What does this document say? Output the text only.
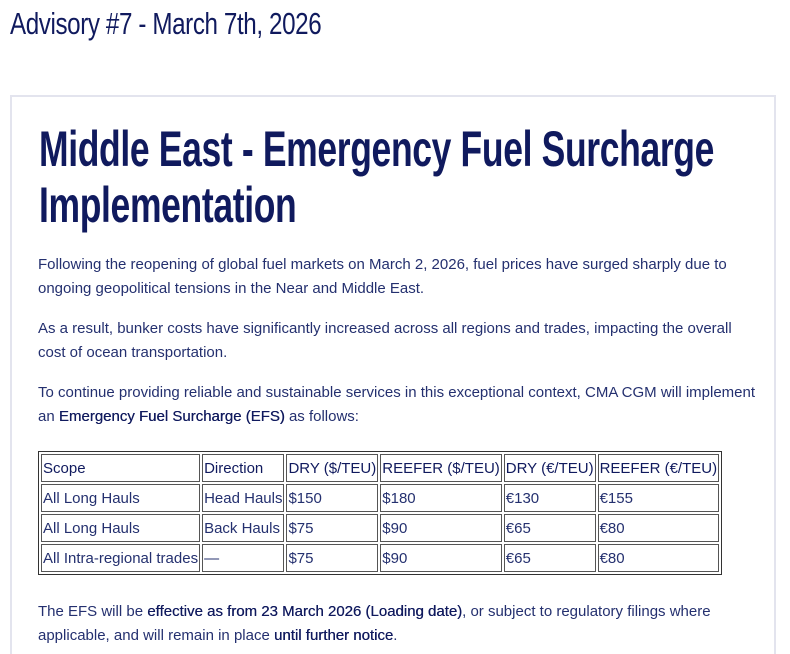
Advisory #7 - March 7th, 2026
Middle East - Emergency Fuel Surcharge Implementation

Following the reopening of global fuel markets on March 2, 2026, fuel prices have surged sharply due to ongoing geopolitical tensions in the Near and Middle East.

As a result, bunker costs have significantly increased across all regions and trades, impacting the overall cost of ocean transportation.

To continue providing reliable and sustainable services in this exceptional context, CMA CGM will implement an Emergency Fuel Surcharge (EFS) as follows:

Scope	Direction	DRY ($/TEU)	REEFER ($/TEU)	DRY (€/TEU)	REEFER (€/TEU)
All Long Hauls	Head Hauls	$150	$180	€130	€155
All Long Hauls	Back Hauls	$75	$90	€65	€80
All Intra-regional trades	—	$75	$90	€65	€80

The EFS will be effective as from 23 March 2026 (Loading date), or subject to regulatory filings where applicable, and will remain in place until further notice.
